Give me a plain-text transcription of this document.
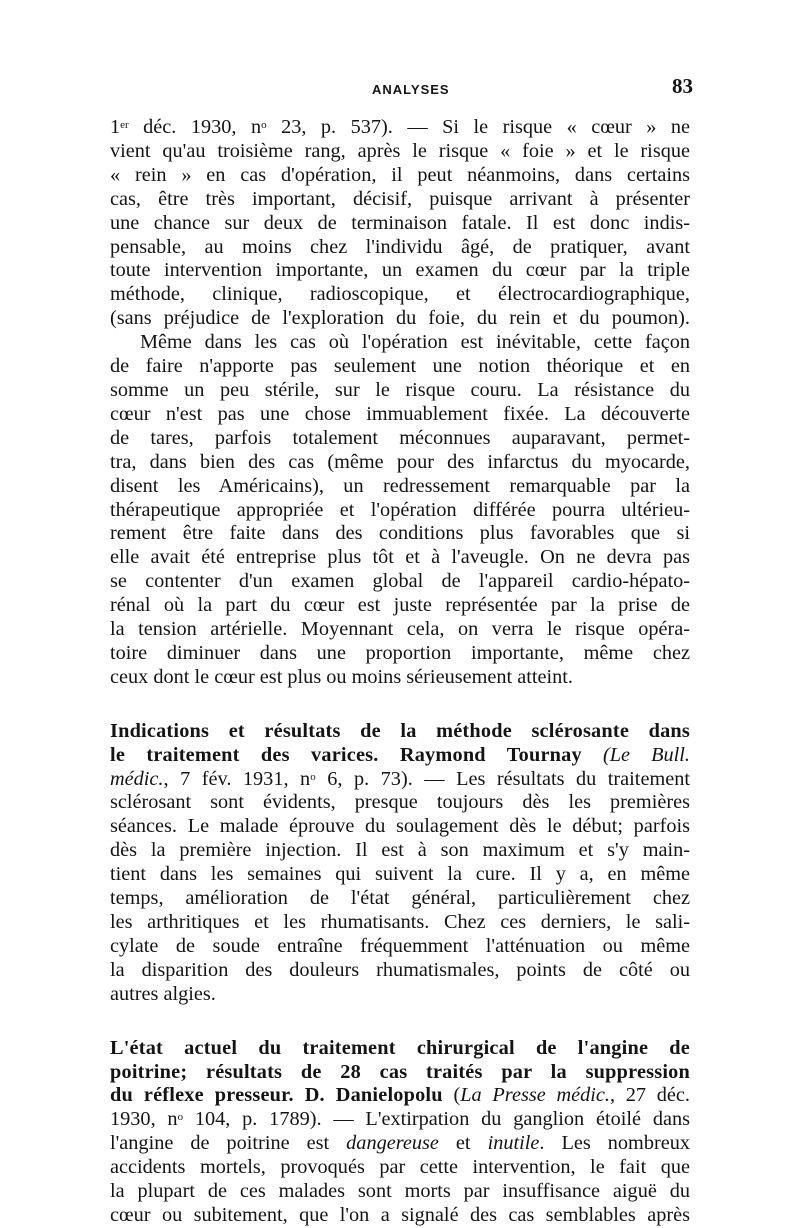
ANALYSES	83
1er déc. 1930, $n^o$ 23, p. 537). — Si le risque « cœur » ne
vient qu'au troisième rang, après le risque « foie » et le risque
« rein » en cas d'opération, il peut néanmoins, dans certains
cas, être très important, décisif, puisque arrivant à présenter
une chance sur deux de terminaison fatale. Il est donc indis-
pensable, au moins chez l'individu âgé, de pratiquer, avant
toute intervention importante, un examen du cœur par la triple
méthode, clinique, radioscopique, et électrocardiographique,
(sans préjudice de l'exploration du foie, du rein et du poumon).
Même dans les cas où l'opération est inévitable, cette façon
de faire n'apporte pas seulement une notion théorique et en
somme un peu stérile, sur le risque couru. La résistance du
cœur n'est pas une chose immuablement fixée. La découverte
de tares, parfois totalement méconnues auparavant, permet-
tra, dans bien des cas (même pour des infarctus du myocarde,
disent les Américains), un redressement remarquable par la
thérapeutique appropriée et l'opération différée pourra ultérieu-
rement être faite dans des conditions plus favorables que si
elle avait été entreprise plus tôt et à l'aveugle. On ne devra pas
se contenter d'un examen global de l'appareil cardio-hépato-
rénal où la part du cœur est juste représentée par la prise de
la tension artérielle. Moyennant cela, on verra le risque opéra-
toire diminuer dans une proportion importante, même chez
ceux dont le cœur est plus ou moins sérieusement atteint.
Indications et résultats de la méthode sclérosante dans
le traitement des varices. Raymond Tournay (Le Bull.
médic., 7 fév. 1931, $n^o$ 6, p. 73). — Les résultats du traitement
sclérosant sont évidents, presque toujours dès les premières
séances. Le malade éprouve du soulagement dès le début; parfois
dès la première injection. Il est à son maximum et s'y main-
tient dans les semaines qui suivent la cure. Il y a, en même
temps, amélioration de l'état général, particulièrement chez
les arthritiques et les rhumatisants. Chez ces derniers, le sali-
cylate de soude entraîne fréquemment l'atténuation ou même
la disparition des douleurs rhumatismales, points de côté ou
autres algies.
L'état actuel du traitement chirurgical de l'angine de
poitrine; résultats de 28 cas traités par la suppression
du réflexe presseur. D. Danielopolu (La Presse médic., 27 déc.
1930, $n^o$ 104, p. 1789). — L'extirpation du ganglion étoilé dans
l'angine de poitrine est dangereuse et inutile. Les nombreux
accidents mortels, provoqués par cette intervention, le fait que
la plupart de ces malades sont morts par insuffisance aiguë du
cœur ou subitement, que l'on a signalé des cas semblables après
